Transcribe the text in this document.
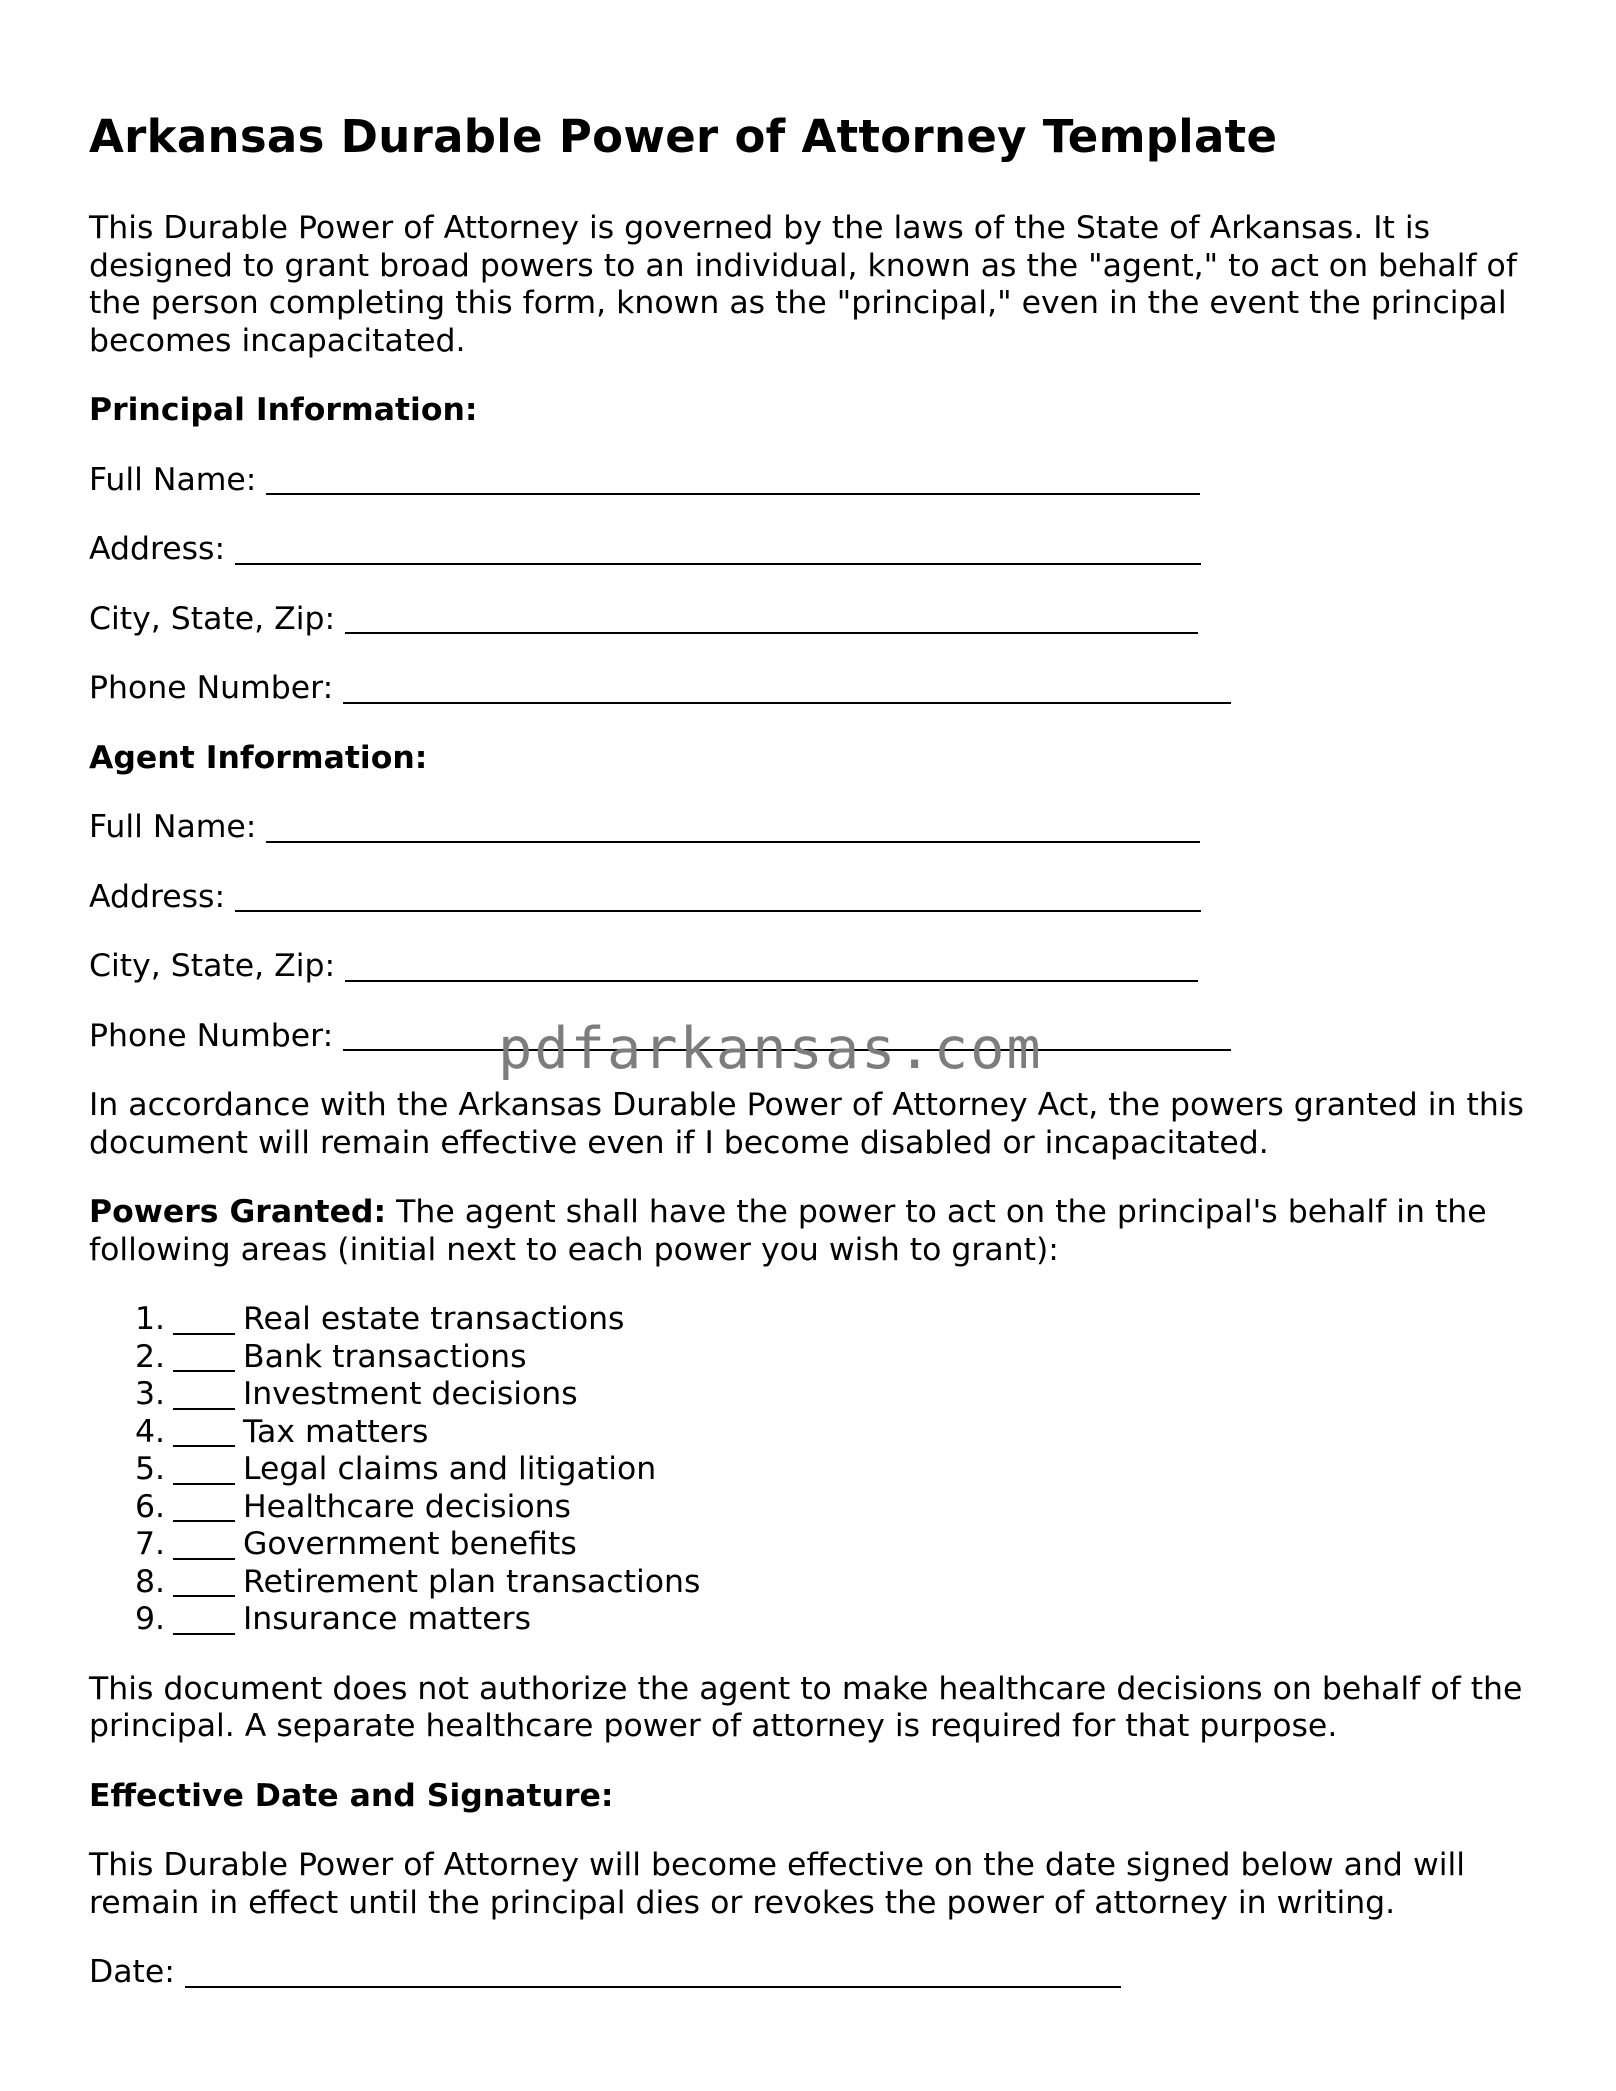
Arkansas Durable Power of Attorney Template

This Durable Power of Attorney is governed by the laws of the State of Arkansas. It is designed to grant broad powers to an individual, known as the "agent," to act on behalf of the person completing this form, known as the "principal," even in the event the principal becomes incapacitated.

Principal Information:
Full Name:
Address:
City, State, Zip:
Phone Number:
Agent Information:
Full Name:
Address:
City, State, Zip:
Phone Number:

In accordance with the Arkansas Durable Power of Attorney Act, the powers granted in this document will remain effective even if I become disabled or incapacitated.

Powers Granted: The agent shall have the power to act on the principal's behalf in the following areas (initial next to each power you wish to grant):

1. Real estate transactions
2. Bank transactions
3. Investment decisions
4. Tax matters
5. Legal claims and litigation
6. Healthcare decisions
7. Government benefits
8. Retirement plan transactions
9. Insurance matters

This document does not authorize the agent to make healthcare decisions on behalf of the principal. A separate healthcare power of attorney is required for that purpose.

Effective Date and Signature:

This Durable Power of Attorney will become effective on the date signed below and will remain in effect until the principal dies or revokes the power of attorney in writing.

Date:
pdfarkansas.com
